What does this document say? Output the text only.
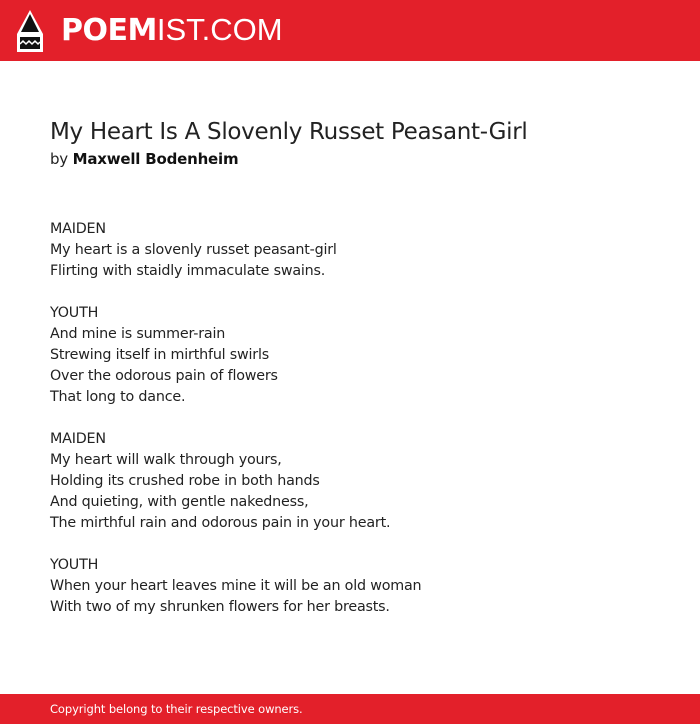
POEMIST.COM
My Heart Is A Slovenly Russet Peasant-Girl
by Maxwell Bodenheim
MAIDEN
My heart is a slovenly russet peasant-girl
Flirting with staidly immaculate swains.
YOUTH
And mine is summer-rain
Strewing itself in mirthful swirls
Over the odorous pain of flowers
That long to dance.
MAIDEN
My heart will walk through yours,
Holding its crushed robe in both hands
And quieting, with gentle nakedness,
The mirthful rain and odorous pain in your heart.
YOUTH
When your heart leaves mine it will be an old woman
With two of my shrunken flowers for her breasts.
Copyright belong to their respective owners.
